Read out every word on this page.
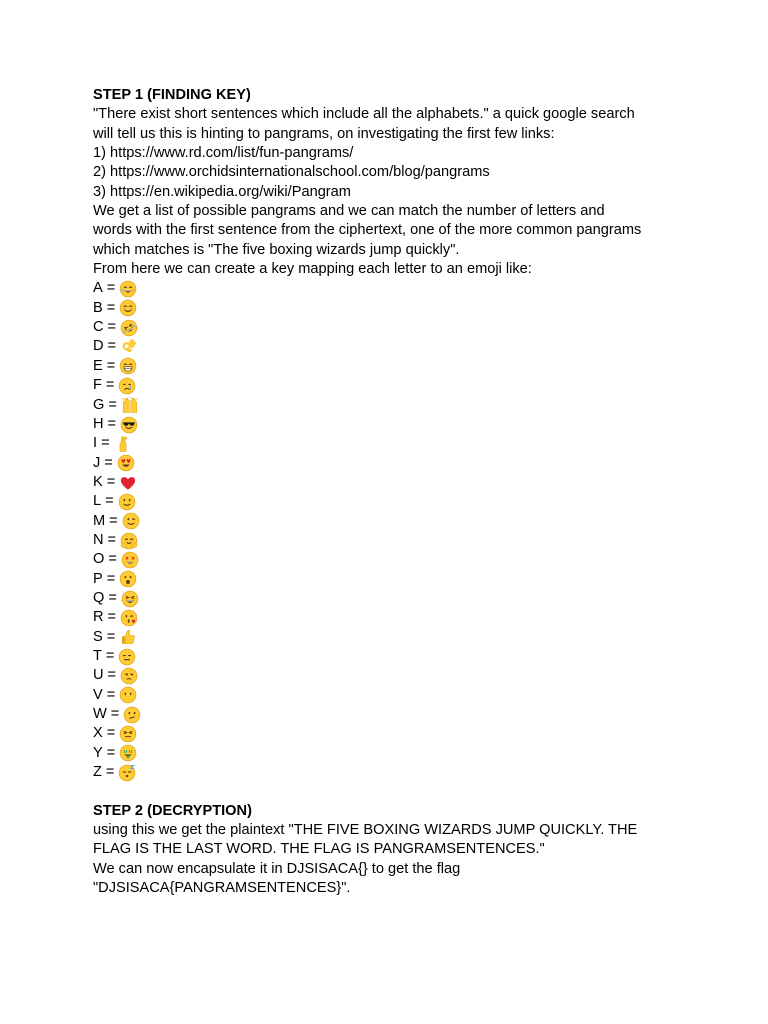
STEP 1 (FINDING KEY)
"There exist short sentences which include all the alphabets." a quick google search
will tell us this is hinting to pangrams, on investigating the first few links:
1) https://www.rd.com/list/fun-pangrams/
2) https://www.orchidsinternationalschool.com/blog/pangrams
3) https://en.wikipedia.org/wiki/Pangram
We get a list of possible pangrams and we can match the number of letters and
words with the first sentence from the ciphertext, one of the more common pangrams
which matches is "The five boxing wizards jump quickly".
From here we can create a key mapping each letter to an emoji like:
A =
B =
C =
D =
E =
F =
G =
H =
I =
J =
K =
L =
M =
N =
O =
P =
Q =
R =
S =
T =
U =
V =
W =
X =
Y =
Z =
STEP 2 (DECRYPTION)
using this we get the plaintext "THE FIVE BOXING WIZARDS JUMP QUICKLY. THE
FLAG IS THE LAST WORD. THE FLAG IS PANGRAMSENTENCES."
We can now encapsulate it in DJSISACA{} to get the flag
"DJSISACA{PANGRAMSENTENCES}".
